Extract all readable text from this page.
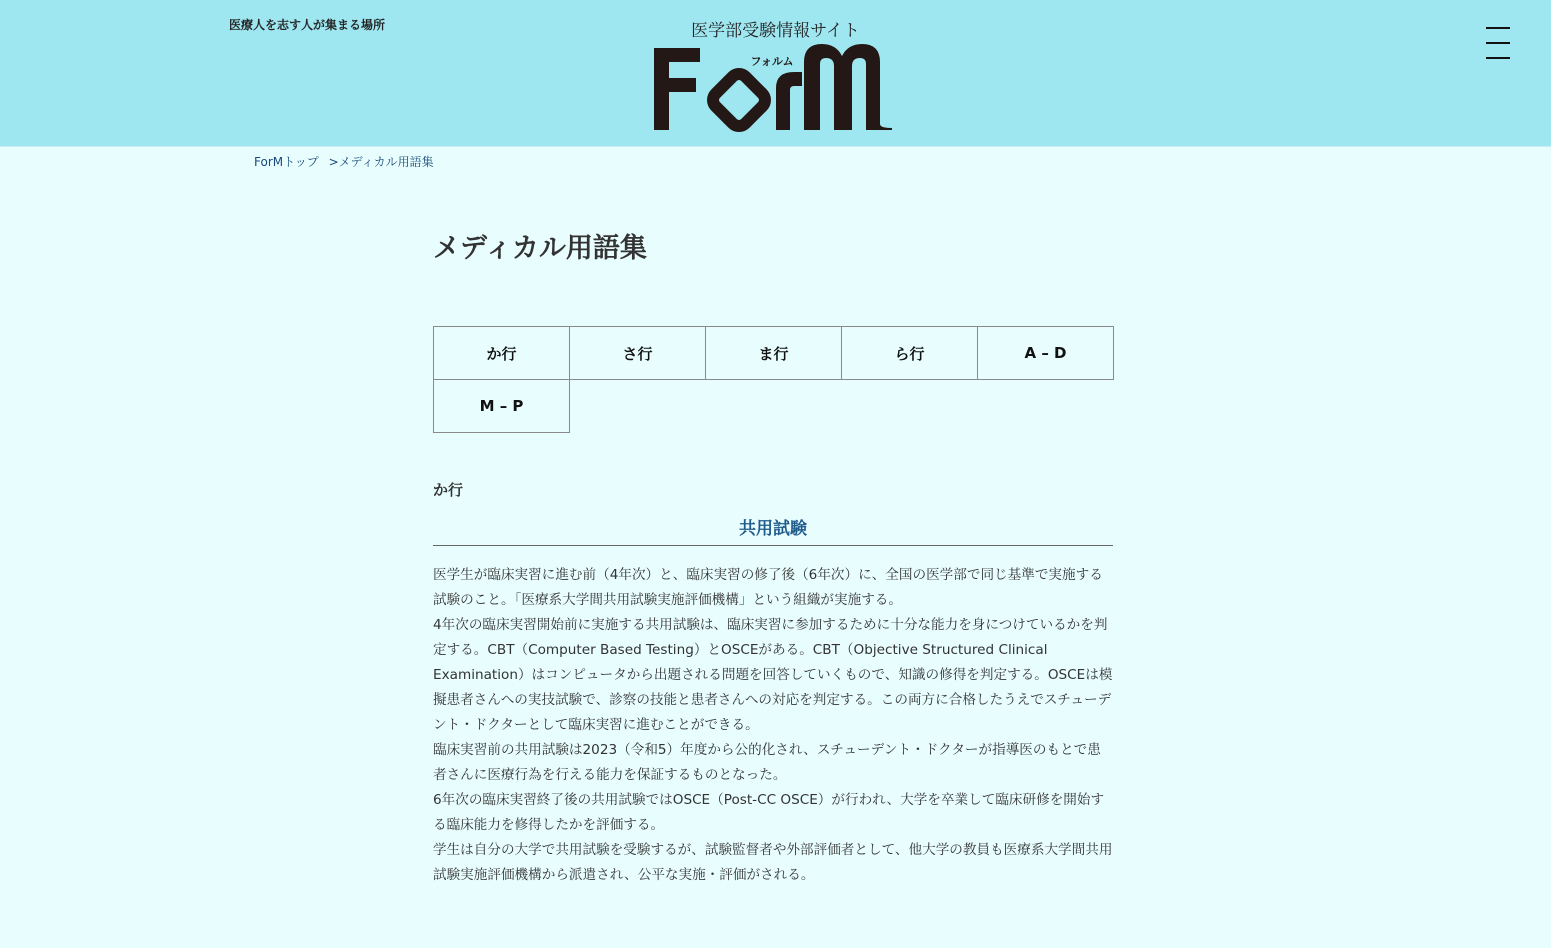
医療人を志す人が集まる場所	医学部受験情報サイト
フォルム
ForMトップ >メディカル用語集
メディカル用語集
か行	さ行	ま行	ら行	A – D
M – P
か行
共用試験

医学生が臨床実習に進む前（4年次）と、臨床実習の修了後（6年次）に、全国の医学部で同じ基準で実施する試験のこと。「医療系大学間共用試験実施評価機構」という組織が実施する。

4年次の臨床実習開始前に実施する共用試験は、臨床実習に参加するために十分な能力を身につけているかを判定する。CBT（Computer Based Testing）とOSCEがある。CBT（Objective Structured Clinical Examination）はコンピュータから出題される問題を回答していくもので、知識の修得を判定する。OSCEは模擬患者さんへの実技試験で、診察の技能と患者さんへの対応を判定する。この両方に合格したうえでスチューデント・ドクターとして臨床実習に進むことができる。

臨床実習前の共用試験は2023（令和5）年度から公的化され、スチューデント・ドクターが指導医のもとで患者さんに医療行為を行える能力を保証するものとなった。

6年次の臨床実習終了後の共用試験ではOSCE（Post-CC OSCE）が行われ、大学を卒業して臨床研修を開始する臨床能力を修得したかを評価する。

学生は自分の大学で共用試験を受験するが、試験監督者や外部評価者として、他大学の教員も医療系大学間共用試験実施評価機構から派遣され、公平な実施・評価がされる。
